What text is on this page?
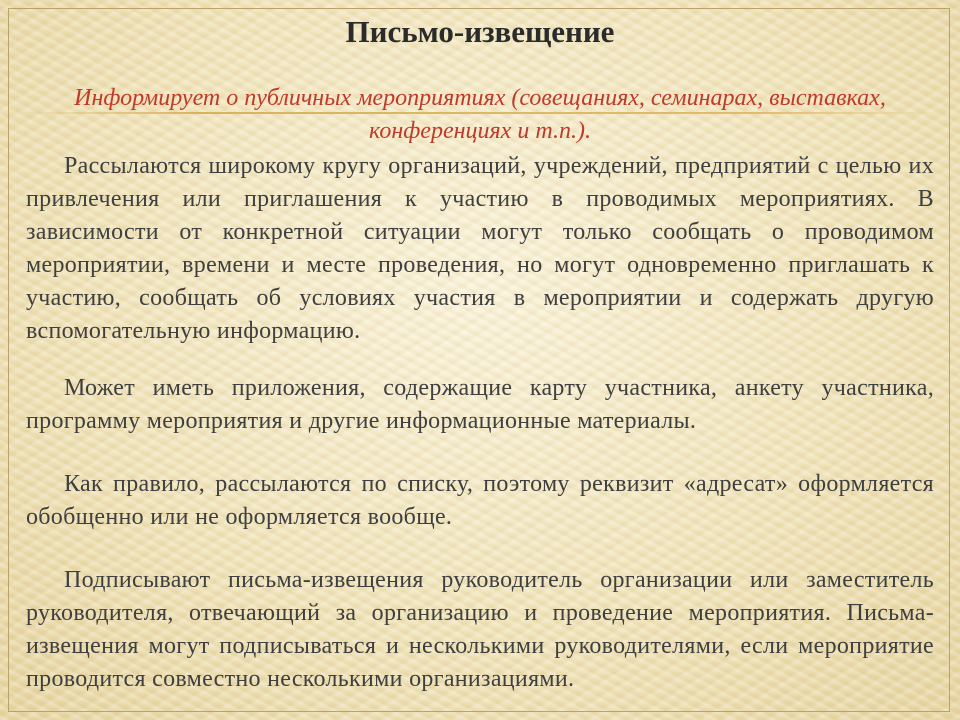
Письмо-извещение

Информирует о публичных мероприятиях (совещаниях, семинарах, выставках, конференциях и т.п.).

Рассылаются широкому кругу организаций, учреждений, предприятий с целью их привлечения или приглашения к участию в проводимых мероприятиях. В зависимости от конкретной ситуации могут только сообщать о проводимом мероприятии, времени и месте проведения, но могут одновременно приглашать к участию, сообщать об условиях участия в мероприятии и содержать другую вспомогательную информацию.

Может иметь приложения, содержащие карту участника, анкету участника, программу мероприятия и другие информационные материалы.

Как правило, рассылаются по списку, поэтому реквизит «адресат» оформляется обобщенно или не оформляется вообще.

Подписывают письма-извещения руководитель организации или заместитель руководителя, отвечающий за организацию и проведение мероприятия. Письма-извещения могут подписываться и несколькими руководителями, если мероприятие проводится совместно несколькими организациями.
